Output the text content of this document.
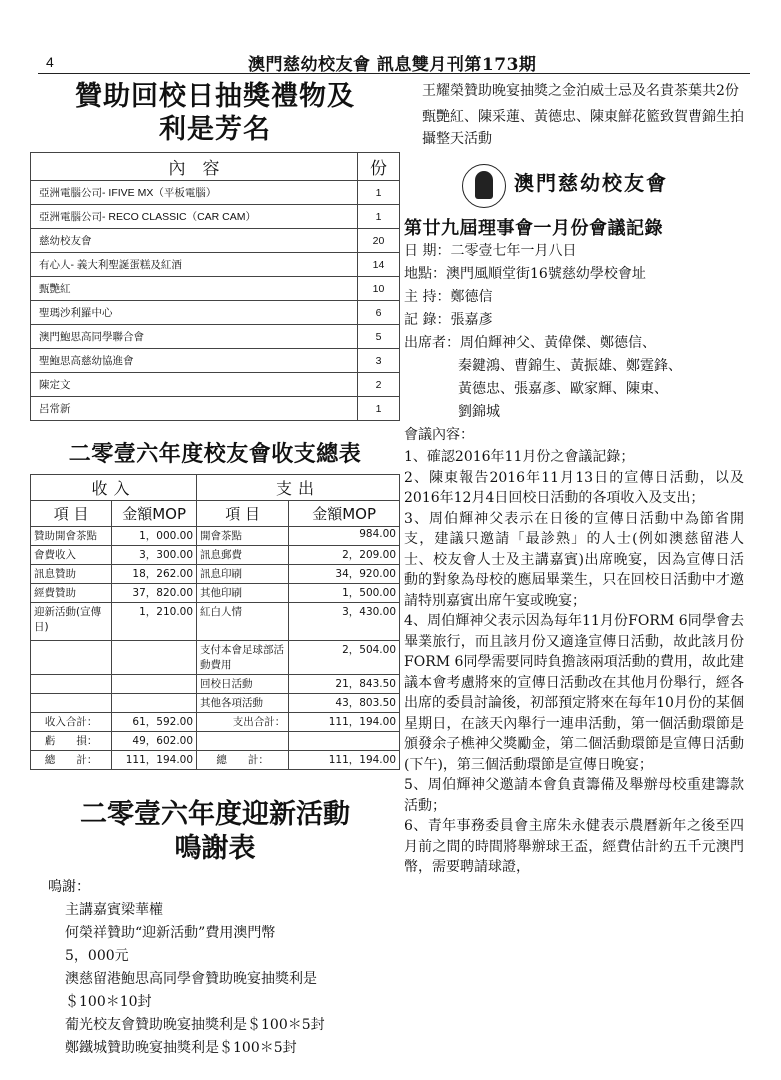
4	澳門慈幼校友會 訊息雙月刊第173期
贊助回校日抽獎禮物及
利是芳名
內　容	份
亞洲電腦公司- IFIVE MX（平板電腦）	1
亞洲電腦公司- RECO CLASSIC（CAR CAM）	1
慈幼校友會	20
有心人- 義大利聖誕蛋糕及紅酒	14
甄艷紅	10
聖瑪沙利羅中心	6
澳門鮑思高同學聯合會	5
聖鮑思高慈幼協進會	3
陳定文	2
呂常新	1
二零壹六年度校友會收支總表
收入		支出	
項 目	金額MOP	項 目	金額MOP
贊助開會茶點	1，000.00	開會茶點	984.00
會費收入	3，300.00	訊息郵費	2，209.00
訊息贊助	18，262.00	訊息印刷	34，920.00
經費贊助	37，820.00	其他印刷	1，500.00
迎新活動(宣傳日)	1，210.00	紅白人情	3，430.00
		支付本會足球部活動費用	2，504.00
		回校日活動	21，843.50
		其他各項活動	43，803.50
收入合計：	61，592.00	支出合計：	111，194.00
虧　　損：	49，602.00		
總　　計：	111，194.00	總　　計：	111，194.00
二零壹六年度迎新活動
鳴謝表
鳴謝：
主講嘉賓梁華權
何榮祥贊助“迎新活動”費用澳門幣
5，000元
澳慈留港鮑思高同學會贊助晚宴抽獎利是
＄100＊10封
葡光校友會贊助晚宴抽獎利是＄100＊5封
鄭鐵城贊助晚宴抽獎利是＄100＊5封

王耀榮贊助晚宴抽獎之金泊威士忌及名貴茶葉共2份

甄艷紅、陳采蓮、黃德忠、陳東鮮花籃致賀曹錦生拍攝整天活動

澳門慈幼校友會
第廿九屆理事會一月份會議記錄
日 期：二零壹七年一月八日
地點：澳門風順堂街16號慈幼學校會址
主 持：鄭德信
記 錄：張嘉彥
出席者：周伯輝神父、黃偉傑、鄭德信、
秦鍵鴻、曹錦生、黃振雄、鄭霆鋒、
黃德忠、張嘉彥、歐家輝、陳東、
劉錦城
會議內容：

1、確認2016年11月份之會議記錄；

2、陳東報告2016年11月13日的宣傳日活動，以及2016年12月4日回校日活動的各項收入及支出；

3、周伯輝神父表示在日後的宣傳日活動中為節省開支，建議只邀請「最診熟」的人士(例如澳慈留港人士、校友會人士及主講嘉賓)出席晚宴，因為宣傳日活動的對象為母校的應屆畢業生，只在回校日活動中才邀請特別嘉賓出席午宴或晚宴；

4、周伯輝神父表示因為每年11月份FORM 6同學會去畢業旅行，而且該月份又適逢宣傳日活動，故此該月份FORM 6同學需要同時負擔該兩項活動的費用，故此建議本會考慮將來的宣傳日活動改在其他月份舉行，經各出席的委員討論後，初部預定將來在每年10月份的某個星期日，在該天內舉行一連串活動，第一個活動環節是頒發余子樵神父獎勵金，第二個活動環節是宣傳日活動(下午)，第三個活動環節是宣傳日晚宴；

5、周伯輝神父邀請本會負責籌備及舉辦母校重建籌款活動；

6、青年事務委員會主席朱永健表示農曆新年之後至四月前之間的時間將舉辦球王盃，經費估計約五千元澳門幣，需要聘請球證，
